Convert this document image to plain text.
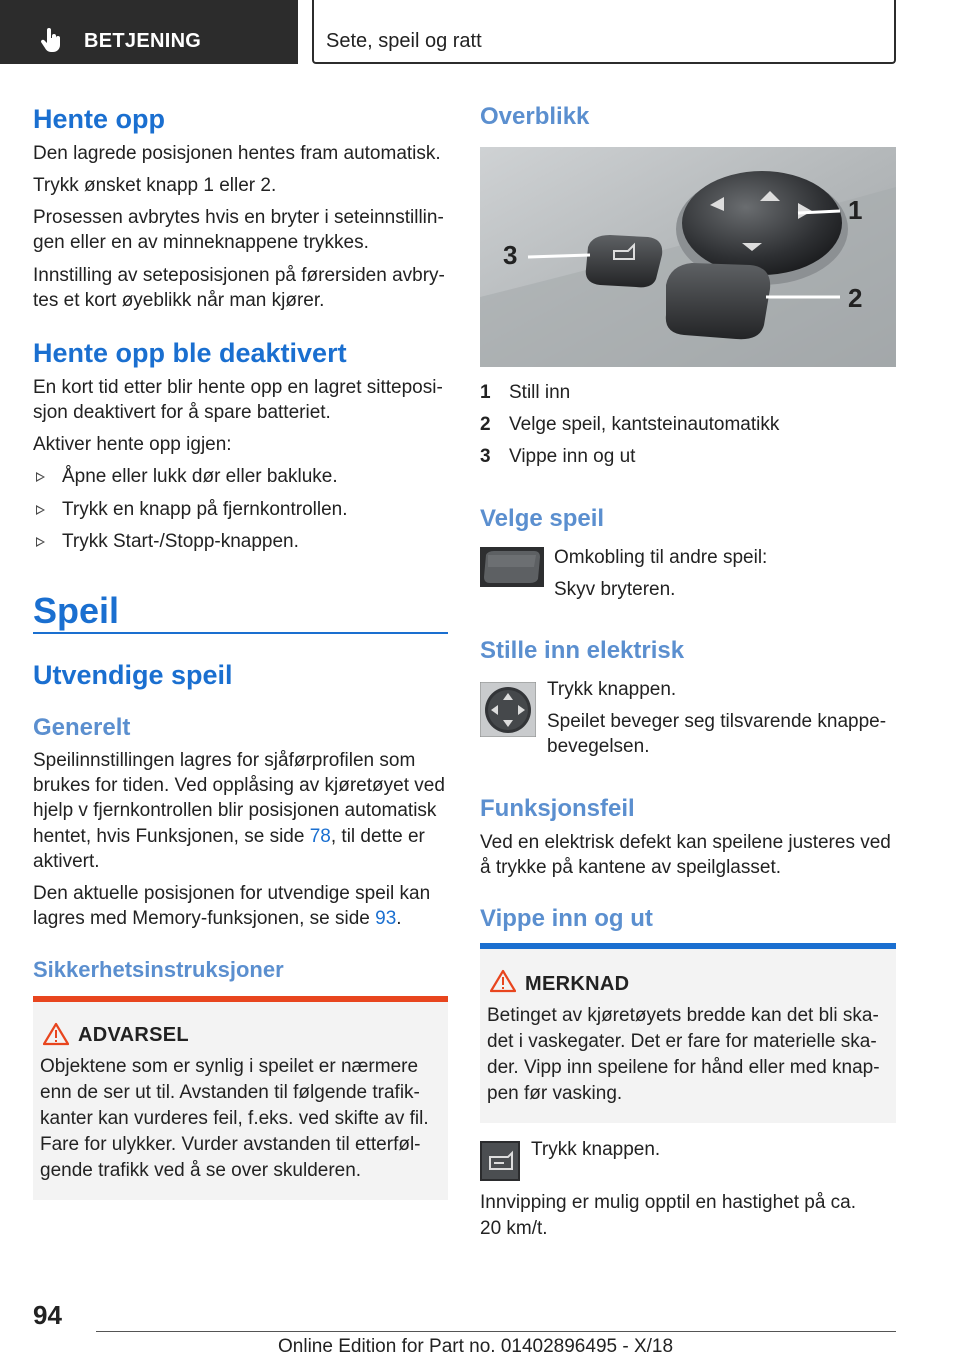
BETJENING	Sete, speil og ratt
Hente opp

Den lagrede posisjonen hentes fram automatisk.

Trykk ønsket knapp 1 eller 2.

Prosessen avbrytes hvis en bryter i seteinnstillin‐

gen eller en av minneknappene trykkes.

Innstilling av seteposisjonen på førersiden avbry‐

tes et kort øyeblikk når man kjører.

Hente opp ble deaktivert

En kort tid etter blir hente opp en lagret sitteposi‐

sjon deaktivert for å spare batteriet.

Aktiver hente opp igjen:

Åpne eller lukk dør eller bakluke.
Trykk en knapp på fjernkontrollen.
Trykk Start-/Stopp-knappen.
Speil
Utvendige speil
Generelt

Speilinnstillingen lagres for sjåførprofilen som

brukes for tiden. Ved opplåsing av kjøretøyet ved

hjelp v fjernkontrollen blir posisjonen automatisk

hentet, hvis Funksjonen, se side 78, til dette er

aktivert.

Den aktuelle posisjonen for utvendige speil kan

lagres med Memory-funksjonen, se side 93.

Sikkerhetsinstruksjoner
ADVARSEL
Objektene som er synlig i speilet er nærmere
enn de ser ut til. Avstanden til følgende trafik‐
kanter kan vurderes feil, f.eks. ved skifte av fil.
Fare for ulykker. Vurder avstanden til etterføl‐
gende trafikk ved å se over skulderen.
Overblikk
3
1
2
1 Still inn
2 Velge speil, kantsteinautomatikk
3 Vippe inn og ut
Velge speil

Omkobling til andre speil:

Skyv bryteren.

Stille inn elektrisk

Trykk knappen.

Speilet beveger seg tilsvarende knappe‐

bevegelsen.

Funksjonsfeil

Ved en elektrisk defekt kan speilene justeres ved

å trykke på kantene av speilglasset.

Vippe inn og ut
MERKNAD
Betinget av kjøretøyets bredde kan det bli ska‐
det i vaskegater. Det er fare for materielle ska‐
der. Vipp inn speilene for hånd eller med knap‐
pen før vasking.

Trykk knappen.

Innvipping er mulig opptil en hastighet på ca.

20 km/t.

94
Online Edition for Part no. 01402896495 - X/18
